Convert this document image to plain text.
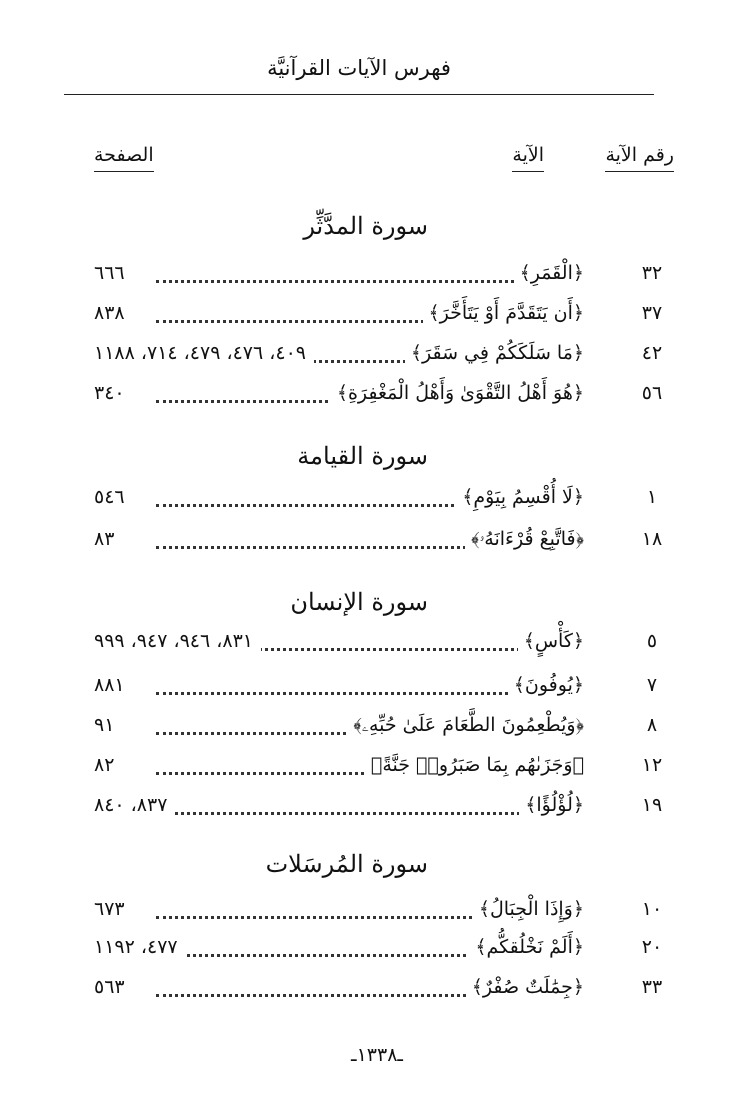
فهرس الآيات القرآنيَّة
رقم الآية
الآية
الصفحة
سورة المدَّثِّر
٣٢
﴿الْقَمَرِ﴾
٦٦٦
٣٧
﴿أَن يَتَقَدَّمَ أَوْ يَتَأَخَّرَ﴾
٨٣٨
٤٢
﴿مَا سَلَكَكُمْ فِي سَقَرَ﴾
٤٠٩، ٤٧٦، ٤٧٩، ٧١٤، ١١٨٨
٥٦
﴿هُوَ أَهْلُ التَّقْوَىٰ وَأَهْلُ الْمَغْفِرَةِ﴾
٣٤٠
سورة القيامة
١
﴿لَا أُقْسِمُ بِيَوْمِ﴾
٥٤٦
١٨
﴿فَاتَّبِعْ قُرْءَانَهُۥ﴾
٨٣
سورة الإنسان
٥
﴿كَأْسٍ﴾
٨٣١، ٩٤٦، ٩٤٧، ٩٩٩
٧
﴿يُوفُونَ﴾
٨٨١
٨
﴿وَيُطْعِمُونَ الطَّعَامَ عَلَىٰ حُبِّهِۦ﴾
٩١
١٢
﴿وَجَزَىٰهُم بِمَا صَبَرُوا۟ جَنَّةً﴾
٨٢
١٩
﴿لُؤْلُؤًا﴾
٨٣٧، ٨٤٠
سورة المُرسَلات
١٠
﴿وَإِذَا الْجِبَالُ﴾
٦٧٣
٢٠
﴿أَلَمْ نَخْلُقكُّم﴾
٤٧٧، ١١٩٢
٣٣
﴿جِمَٰلَتٌ صُفْرٌ﴾
٥٦٣
ـ١٣٣٨ـ
